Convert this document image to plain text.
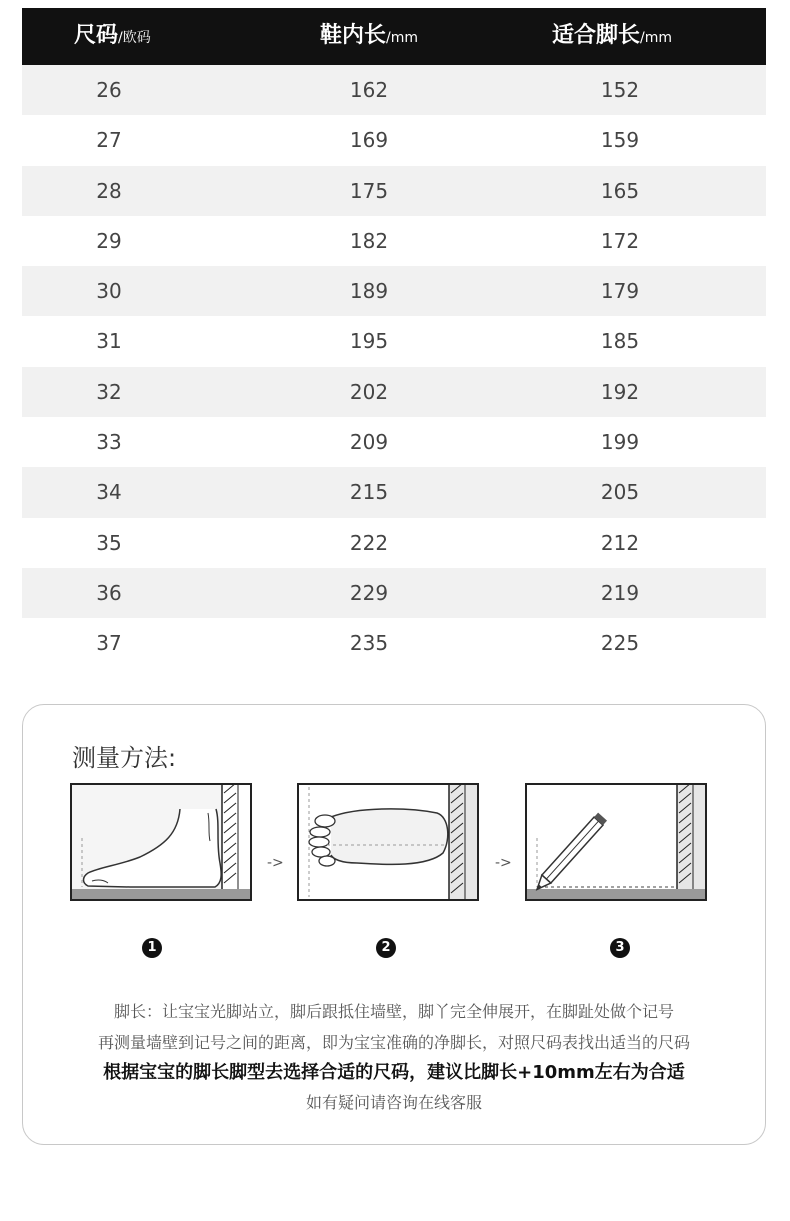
尺码/欧码	鞋内长/mm	适合脚长/mm
26	162	152
27	169	159
28	175	165
29	182	172
30	189	179
31	195	185
32	202	192
33	209	199
34	215	205
35	222	212
36	229	219
37	235	225
测量方法:
->	->
1	2	3
脚长：让宝宝光脚站立，脚后跟抵住墙壁，脚丫完全伸展开，在脚趾处做个记号
再测量墙壁到记号之间的距离，即为宝宝准确的净脚长，对照尺码表找出适当的尺码
根据宝宝的脚长脚型去选择合适的尺码，建议比脚长+10mm左右为合适
如有疑问请咨询在线客服
